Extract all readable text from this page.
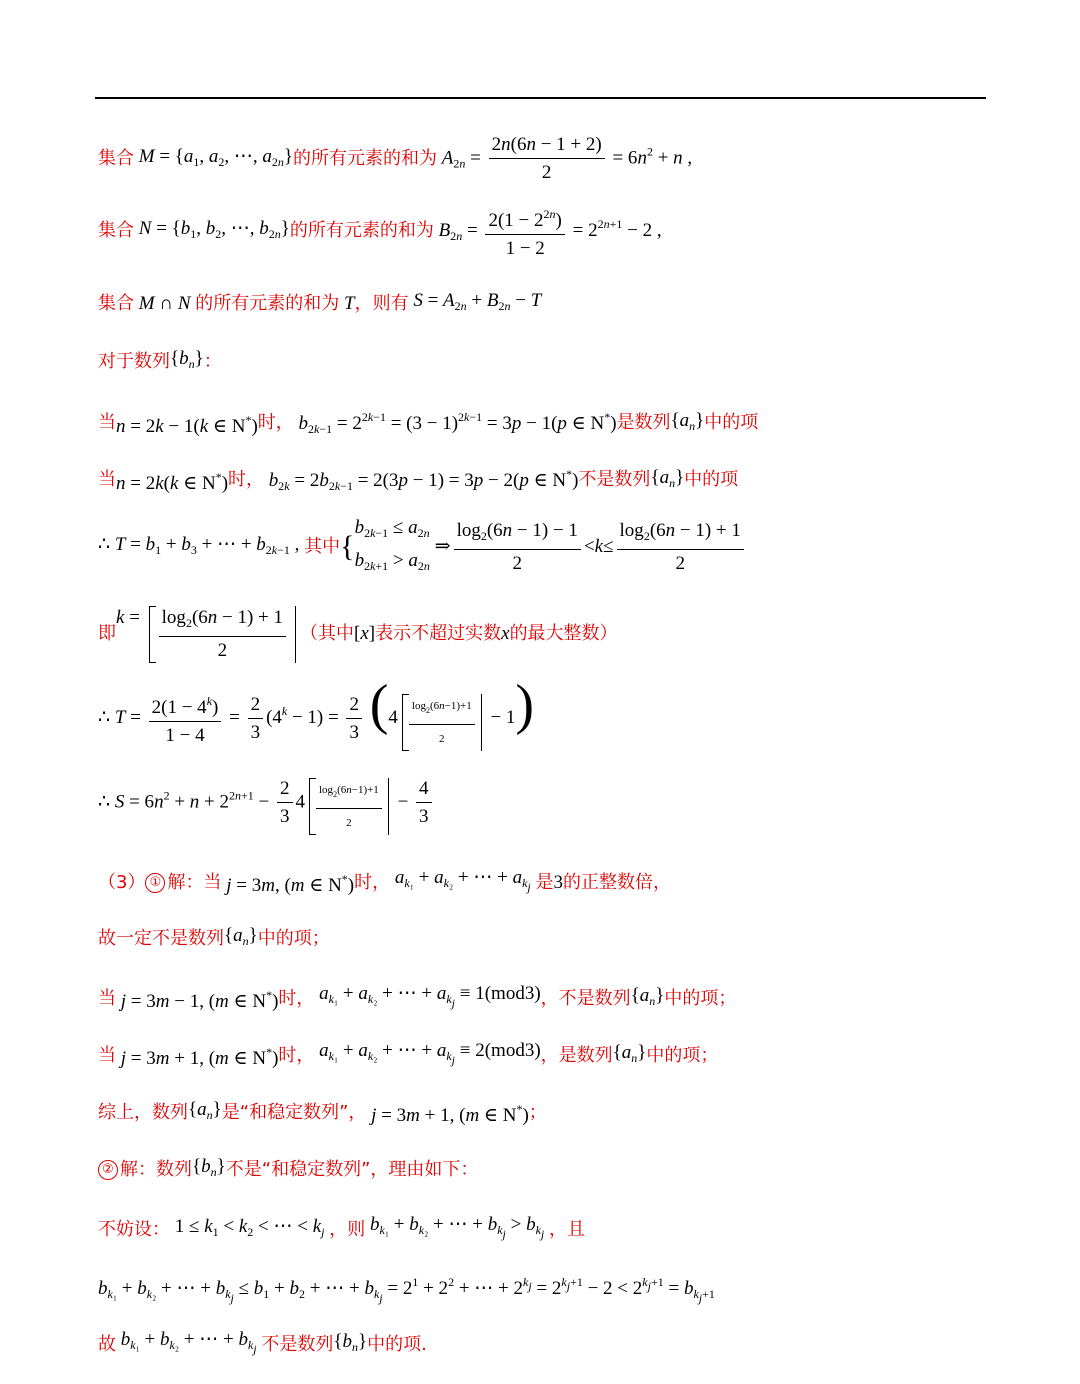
集合 $M = \{a_1$, $a_2$, ⋯, $a_{2n}$} 的所有元素的和为 $A_{2n} = \frac{2n(6n - 1 + 2)}{2} = 6n^2 + n$ ,
集合 $N = \{b_1$, $b_2$, ⋯, $b_{2n}$} 的所有元素的和为 $B_{2n} = \frac{2(1 - 2^{2n})}{1 - 2} = 2^{2n+1} - 2$ ,
集合 M ∩ N 的所有元素的和为 T ，则有 $S = A_{2n} + B_{2n} - T$
对于数列 $\{b_n\}$ ：
当 n = 2k − 1(k ∈ N*) 时， $b_{2k-1} = 2^{2k-1} = (3 - 1)^{2k-1} = 3p - 1(p$ ∈ N*) 是数列 $\{a_n\}$ 中的项
当 n = 2k(k ∈ N*) 时， $b_{2k} = 2b_{2k-1} = 2(3p - 1) = 3p - 2(p$ ∈ N*) 不是数列 $\{a_n\}$ 中的项
∴ $T = b_1 + b_3$ + ⋯ + $b_{2k-1}$ , 其中 {
$b_{2k-1} \le a_{2n}$
$b_{2k+1} > a_{2n}$
⇒ $\frac{\log_2(6n - 1) - 1}{2} < k \le \frac{\log_2(6n - 1) + 1}{2}$
即
$k = \frac{\log_2(6n - 1) + 1}{2}$ （其中 [x] 表示不超过实数 x 的最大整数）
∴ $T = \frac{2(1 - 4^k)}{1 - 4} = \frac{2}{3} (4^k - 1) = \frac{2}{3} (4 \frac{\log_2(6n-1)+1}{2} - 1)$
∴ $S = 6n^2 + n + 2^{2n+1} - \frac{2}{3} 4 \frac{\log_2(6n-1)+1}{2} - \frac{4}{3}$
（3） ① 解：当 j = 3m, (m ∈ N*) 时， $a_{k_1} + a_{k_2}$ + ⋯ + $a_{k_j}$ 是 3 的正整数倍，
故一定不是数列 $\{a_n\}$ 中的项；
当 j = 3m − 1, (m ∈ N*) 时， $a_{k_1} + a_{k_2}$ + ⋯ + $a_{k_j} \equiv 1(mod3)$ ，不是数列 $\{a_n\}$ 中的项；
当 j = 3m + 1, (m ∈ N*) 时， $a_{k_1} + a_{k_2}$ + ⋯ + $a_{k_j} \equiv 2(mod3)$ ，是数列 $\{a_n\}$ 中的项；
综上，数列 $\{a_n\}$ 是“和稳定数列”， j = 3m + 1, (m ∈ N*) ；
② 解：数列 $\{b_n\}$ 不是“和稳定数列”，理由如下：
不妨设： $1 \le k_1 < k_2$ < ⋯ < $k_j$ ，则 $b_{k_1} + b_{k_2}$ + ⋯ + $b_{k_j} > b_{k_j}$ ，且
$b_{k_1} + b_{k_2}$ + ⋯ + $b_{k_j} \le b_1 + b_2$ + ⋯ + $b_{k_j} = 2^1 + 2^2$ + ⋯ + $2^{k_j} = 2^{k_j+1} - 2 < 2^{k_j+1} = b_{k_j+1}$
故 $b_{k_1} + b_{k_2}$ + ⋯ + $b_{k_j}$ 不是数列 $\{b_n\}$ 中的项.
